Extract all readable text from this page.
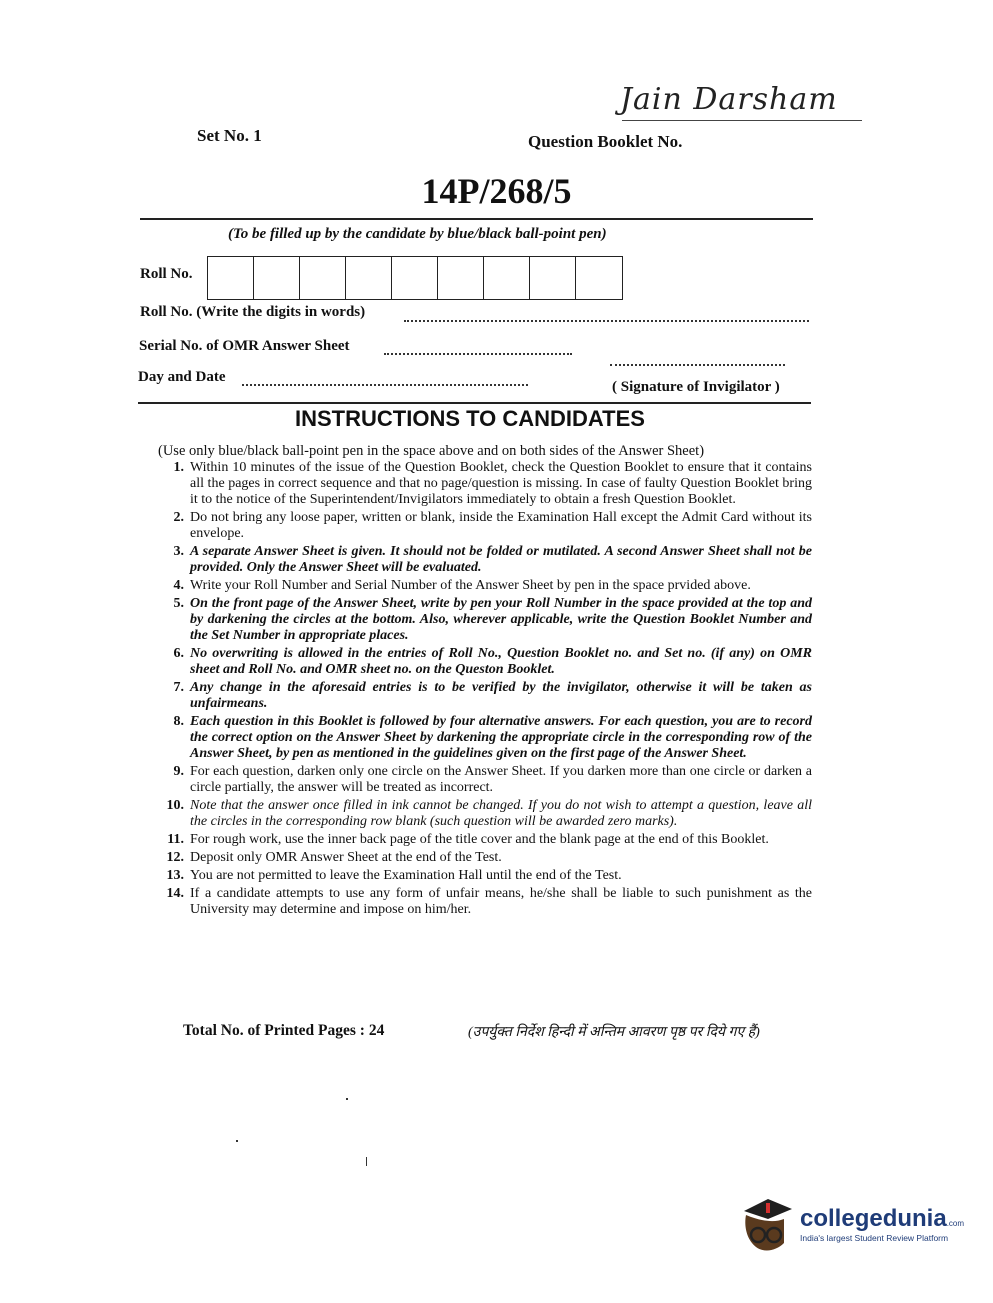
Jain Darsham
Set No. 1	Question Booklet No.
14P/268/5
(To be filled up by the candidate by blue/black ball-point pen)
Roll No.
Roll No. (Write the digits in words)
Serial No. of OMR Answer Sheet
Day and Date
( Signature of Invigilator )
INSTRUCTIONS TO CANDIDATES
(Use only blue/black ball-point pen in the space above and on both sides of the Answer Sheet)
1. Within 10 minutes of the issue of the Question Booklet, check the Question Booklet to ensure that it contains all the pages in correct sequence and that no page/question is missing. In case of faulty Question Booklet bring it to the notice of the Superintendent/Invigilators immediately to obtain a fresh Question Booklet.
2. Do not bring any loose paper, written or blank, inside the Examination Hall except the Admit Card without its envelope.
3. A separate Answer Sheet is given. It should not be folded or mutilated. A second Answer Sheet shall not be provided. Only the Answer Sheet will be evaluated.
4. Write your Roll Number and Serial Number of the Answer Sheet by pen in the space prvided above.
5. On the front page of the Answer Sheet, write by pen your Roll Number in the space provided at the top and by darkening the circles at the bottom. Also, wherever applicable, write the Question Booklet Number and the Set Number in appropriate places.
6. No overwriting is allowed in the entries of Roll No., Question Booklet no. and Set no. (if any) on OMR sheet and Roll No. and OMR sheet no. on the Queston Booklet.
7. Any change in the aforesaid entries is to be verified by the invigilator, otherwise it will be taken as unfairmeans.
8. Each question in this Booklet is followed by four alternative answers. For each question, you are to record the correct option on the Answer Sheet by darkening the appropriate circle in the corresponding row of the Answer Sheet, by pen as mentioned in the guidelines given on the first page of the Answer Sheet.
9. For each question, darken only one circle on the Answer Sheet. If you darken more than one circle or darken a circle partially, the answer will be treated as incorrect.
10. Note that the answer once filled in ink cannot be changed. If you do not wish to attempt a question, leave all the circles in the corresponding row blank (such question will be awarded zero marks).
11. For rough work, use the inner back page of the title cover and the blank page at the end of this Booklet.
12. Deposit only OMR Answer Sheet at the end of the Test.
13. You are not permitted to leave the Examination Hall until the end of the Test.
14. If a candidate attempts to use any form of unfair means, he/she shall be liable to such punishment as the University may determine and impose on him/her.
Total No. of Printed Pages : 24	(उपर्युक्त निर्देश हिन्दी में अन्तिम आवरण पृष्ठ पर दिये गए हैं)
collegedunia.com
India's largest Student Review Platform
